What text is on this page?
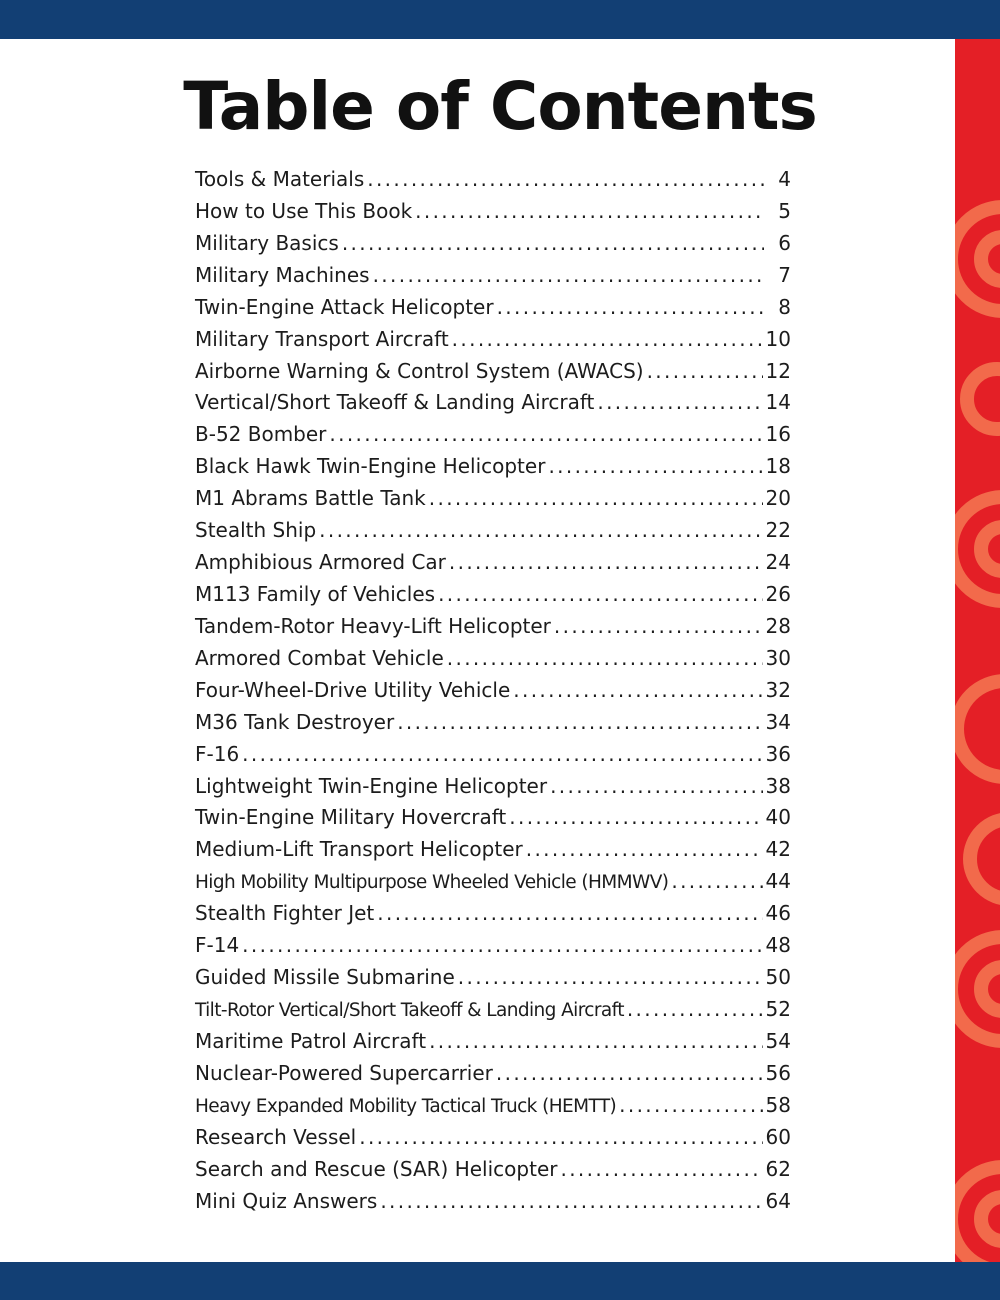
Table of Contents
Tools & Materials . . .	4
How to Use This Book . . .	5
Military Basics . . .	6
Military Machines . . .	7
Twin-Engine Attack Helicopter . . .	8
Military Transport Aircraft . . .	10
Airborne Warning & Control System (AWACS) . . .	12
Vertical/Short Takeoff & Landing Aircraft . . .	14
B-52 Bomber . . .	16
Black Hawk Twin-Engine Helicopter . . .	18
M1 Abrams Battle Tank . . .	20
Stealth Ship . . .	22
Amphibious Armored Car . . .	24
M113 Family of Vehicles . . .	26
Tandem-Rotor Heavy-Lift Helicopter . . .	28
Armored Combat Vehicle . . .	30
Four-Wheel-Drive Utility Vehicle . . .	32
M36 Tank Destroyer . . .	34
F-16 . . .	36
Lightweight Twin-Engine Helicopter . . .	38
Twin-Engine Military Hovercraft . . .	40
Medium-Lift Transport Helicopter . . .	42
High Mobility Multipurpose Wheeled Vehicle (HMMWV) . . .	44
Stealth Fighter Jet . . .	46
F-14 . . .	48
Guided Missile Submarine . . .	50
Tilt-Rotor Vertical/Short Takeoff & Landing Aircraft . . .	52
Maritime Patrol Aircraft . . .	54
Nuclear-Powered Supercarrier . . .	56
Heavy Expanded Mobility Tactical Truck (HEMTT) . . .	58
Research Vessel . . .	60
Search and Rescue (SAR) Helicopter . . .	62
Mini Quiz Answers . . .	64
